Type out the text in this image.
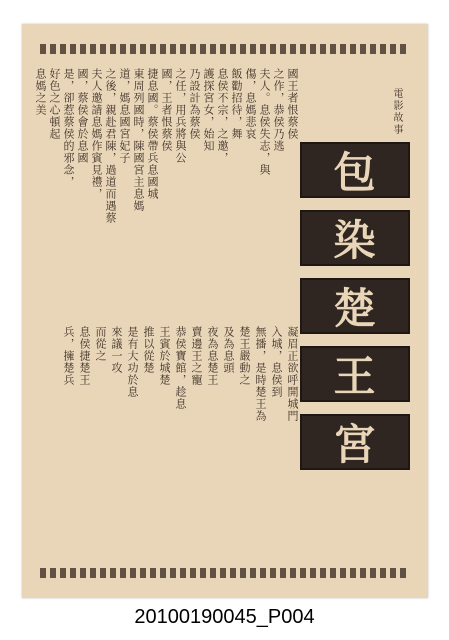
電影故事
包
染
楚
王
宮
國王者恨蔡侯
之作，恭侯乃逃
夫人。息侯失志，與
傷，息媽悲哀
飯勸招待，舞
息侯不宗，之邀，
護探宮女，始知
乃設計為蔡侯
之任，用兵將與公
國，王者恨蔡侯
捷息國。蔡侯帶兵息國城
東周列國時，陳國宮主息媽
道，媽息國宮妃子
之後，親赴君陳，過道而遇蔡
夫人邀請息媽作賓見禮，
國，蔡侯會於息國
是，卻惹蔡侯的邪念，
好色之心頓起
息媽之美
凝眉正欲呼開城門
入城，息侯到
無播，是時楚王為
楚王嚴動之
及為息頭
夜為息楚王
賣邊王之寵
恭侯寶館，趁息
王賓於城楚
推以從楚
是有大功於息
來議一攻
而從之
息侯捷楚王
兵，擁楚兵
20100190045_P004
